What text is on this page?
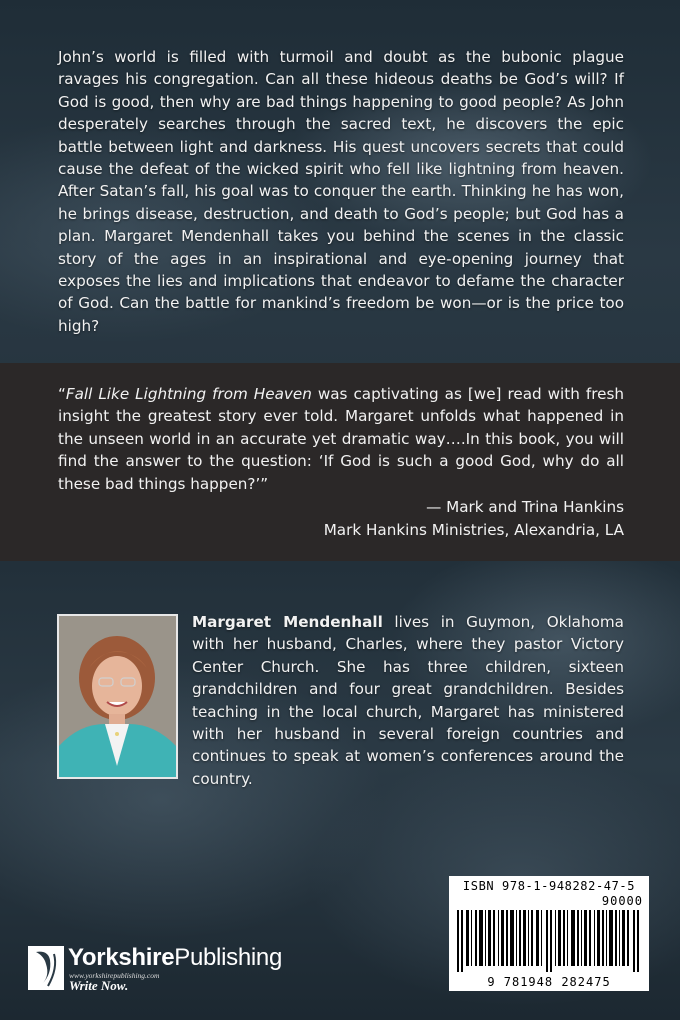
John’s world is filled with turmoil and doubt as the bubonic plague ravages his congregation. Can all these hideous deaths be God’s will? If God is good, then why are bad things happening to good people? As John desperately searches through the sacred text, he discovers the epic battle between light and darkness. His quest uncovers secrets that could cause the defeat of the wicked spirit who fell like lightning from heaven. After Satan’s fall, his goal was to conquer the earth. Thinking he has won, he brings disease, destruction, and death to God’s people; but God has a plan. Margaret Mendenhall takes you behind the scenes in the classic story of the ages in an inspirational and eye-opening journey that exposes the lies and implications that endeavor to defame the character of God. Can the battle for mankind’s freedom be won—or is the price too high?
“Fall Like Lightning from Heaven was captivating as [we] read with fresh insight the greatest story ever told. Margaret unfolds what happened in the unseen world in an accurate yet dramatic way….In this book, you will find the answer to the question: ‘If God is such a good God, why do all these bad things happen?’”
— Mark and Trina Hankins
Mark Hankins Ministries, Alexandria, LA
Margaret Mendenhall lives in Guymon, Oklahoma with her husband, Charles, where they pastor Victory Center Church. She has three children, sixteen grandchildren and four great grandchildren. Besides teaching in the local church, Margaret has ministered with her husband in several foreign countries and continues to speak at women’s conferences around the country.
ISBN 978-1-948282-47-5
90000
9 781948 282475
YorkshirePublishing
www.yorkshirepublishing.com
Write Now.
